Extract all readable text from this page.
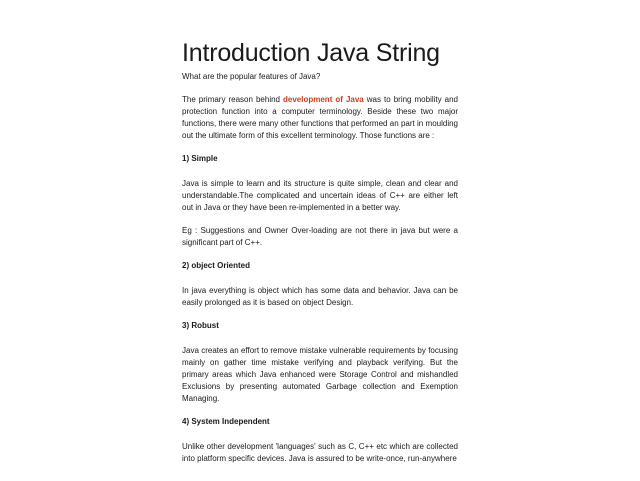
Introduction Java String
What are the popular features of Java?

The primary reason behind development of Java was to bring mobility and protection function into a computer terminology. Beside these two major functions, there were many other functions that performed an part in moulding out the ultimate form of this excellent terminology. Those functions are :

1) Simple

Java is simple to learn and its structure is quite simple, clean and clear and understandable.The complicated and uncertain ideas of C++ are either left out in Java or they have been re-implemented in a better way.

Eg : Suggestions and Owner Over-loading are not there in java but were a significant part of C++.

2) object Oriented

In java everything is object which has some data and behavior. Java can be easily prolonged as it is based on object Design.

3) Robust

Java creates an effort to remove mistake vulnerable requirements by focusing mainly on gather time mistake verifying and playback verifying. But the primary areas which Java enhanced were Storage Control and mishandled Exclusions by presenting automated Garbage collection and Exemption Managing.

4) System Independent

Unlike other development 'languages' such as C, C++ etc which are collected into platform specific devices. Java is assured to be write-once, run-anywhere
